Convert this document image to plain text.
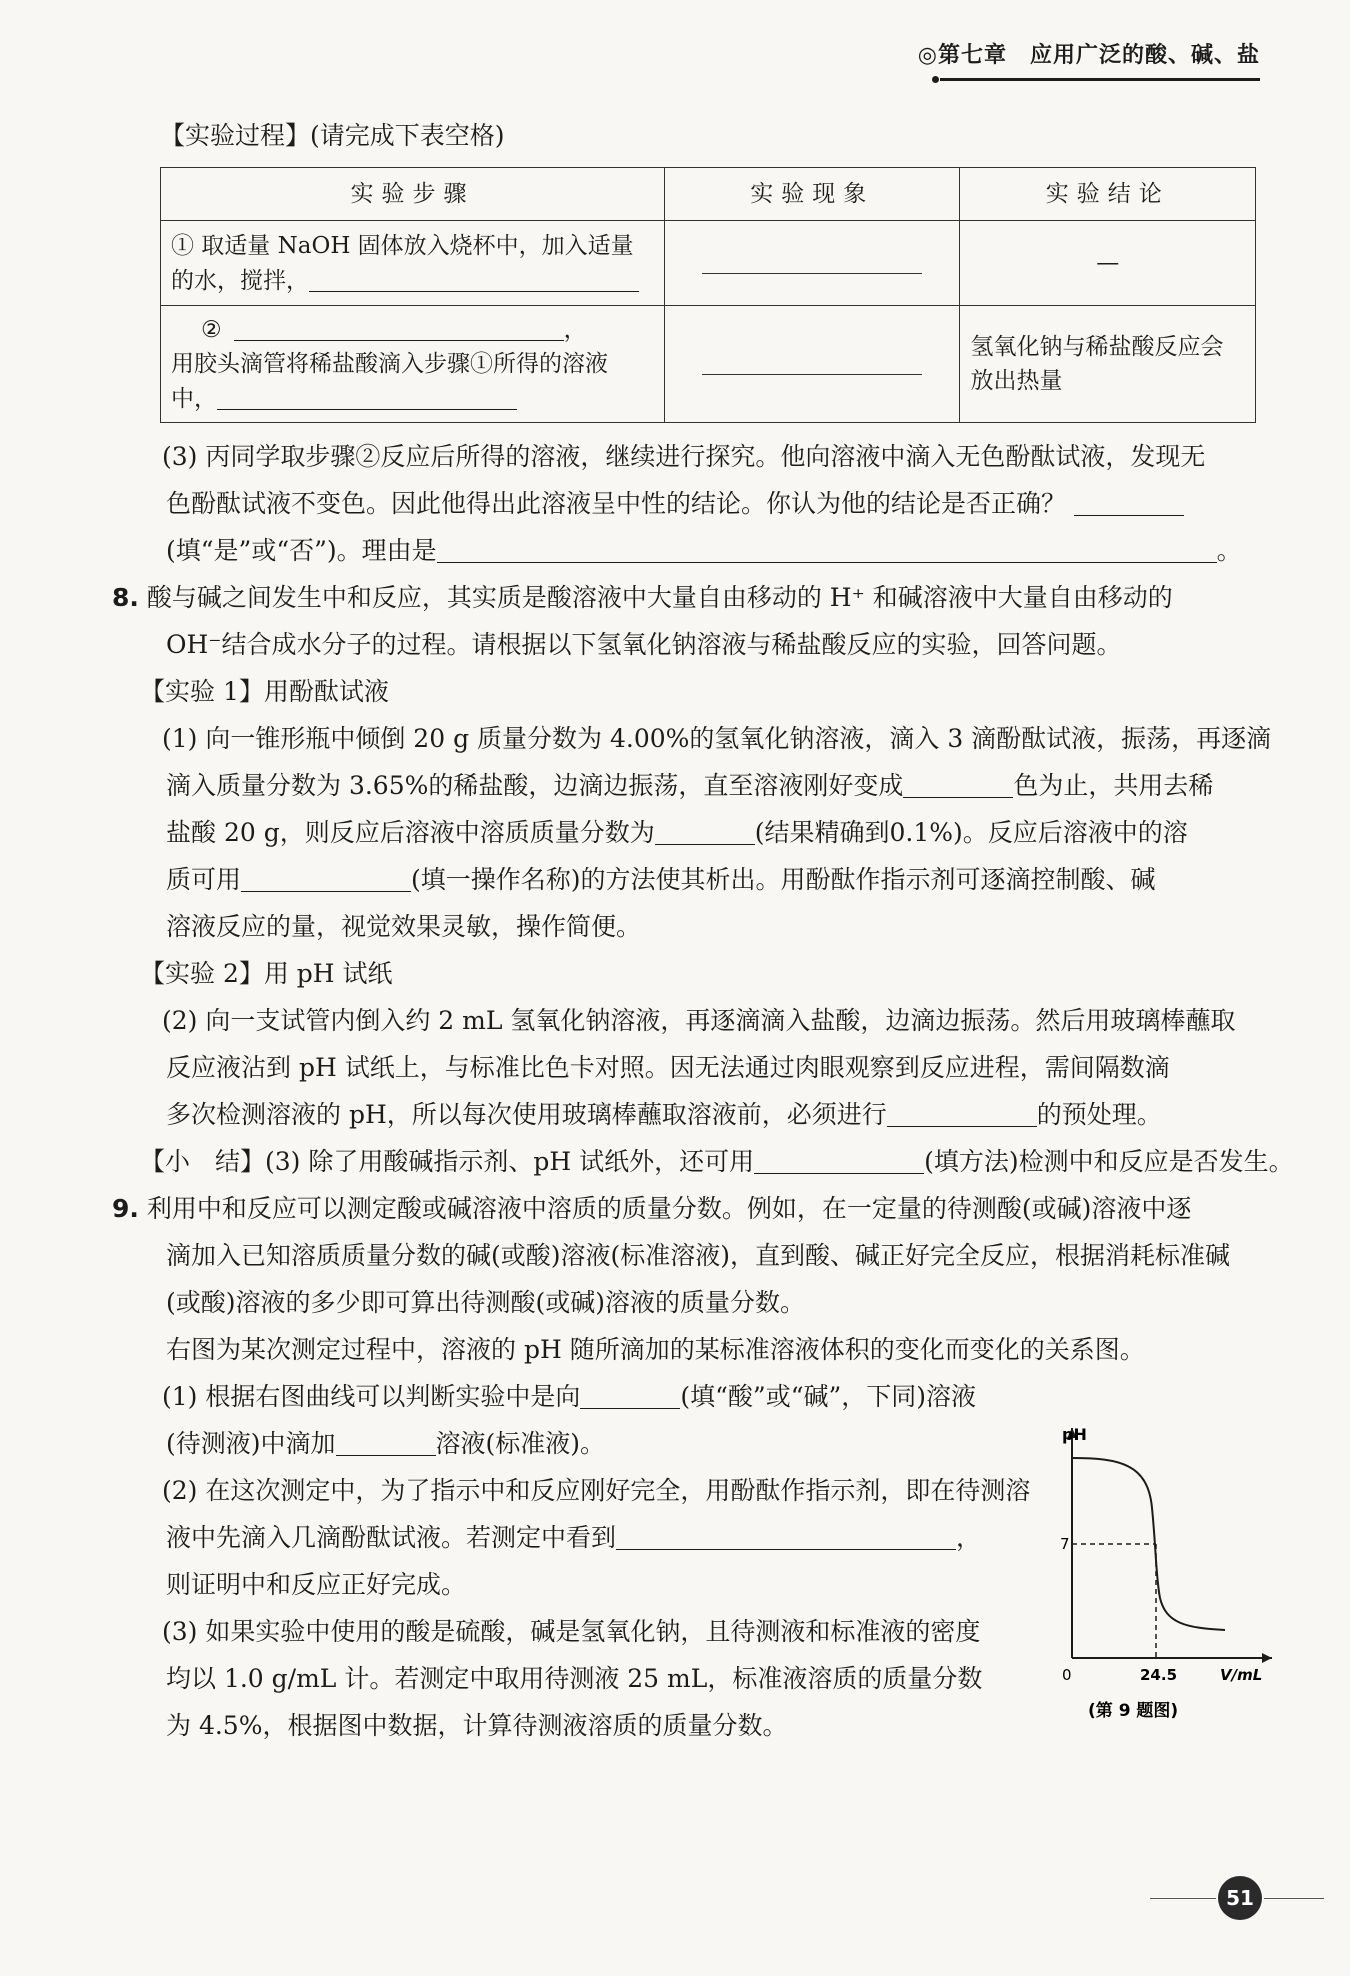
◎第七章　应用广泛的酸、碱、盐
【实验过程】(请完成下表空格)
实验步骤	实验现象	实验结论
① 取适量 NaOH 固体放入烧杯中，加入适量的水，搅拌，		—

② ，
用胶头滴管将稀盐酸滴入步骤①所得的溶液中，		氢氧化钠与稀盐酸反应会放出热量
(3) 丙同学取步骤②反应后所得的溶液，继续进行探究。他向溶液中滴入无色酚酞试液，发现无
色酚酞试液不变色。因此他得出此溶液呈中性的结论。你认为他的结论是否正确？
(填“是”或“否”)。理由是	。
8. 酸与碱之间发生中和反应，其实质是酸溶液中大量自由移动的 H⁺ 和碱溶液中大量自由移动的
OH⁻结合成水分子的过程。请根据以下氢氧化钠溶液与稀盐酸反应的实验，回答问题。
【实验 1】用酚酞试液
(1) 向一锥形瓶中倾倒 20 g 质量分数为 4.00%的氢氧化钠溶液，滴入 3 滴酚酞试液，振荡，再逐滴
滴入质量分数为 3.65%的稀盐酸，边滴边振荡，直至溶液刚好变成	色为止，共用去稀
盐酸 20 g，则反应后溶液中溶质质量分数为	(结果精确到0.1%)。反应后溶液中的溶
质可用	(填一操作名称)的方法使其析出。用酚酞作指示剂可逐滴控制酸、碱
溶液反应的量，视觉效果灵敏，操作简便。
【实验 2】用 pH 试纸
(2) 向一支试管内倒入约 2 mL 氢氧化钠溶液，再逐滴滴入盐酸，边滴边振荡。然后用玻璃棒蘸取
反应液沾到 pH 试纸上，与标准比色卡对照。因无法通过肉眼观察到反应进程，需间隔数滴
多次检测溶液的 pH，所以每次使用玻璃棒蘸取溶液前，必须进行	的预处理。
【小　结】(3) 除了用酸碱指示剂、pH 试纸外，还可用	(填方法)检测中和反应是否发生。
9. 利用中和反应可以测定酸或碱溶液中溶质的质量分数。例如，在一定量的待测酸(或碱)溶液中逐
滴加入已知溶质质量分数的碱(或酸)溶液(标准溶液)，直到酸、碱正好完全反应，根据消耗标准碱
(或酸)溶液的多少即可算出待测酸(或碱)溶液的质量分数。
右图为某次测定过程中，溶液的 pH 随所滴加的某标准溶液体积的变化而变化的关系图。
(1) 根据右图曲线可以判断实验中是向	(填“酸”或“碱”，下同)溶液
(待测液)中滴加	溶液(标准液)。
(2) 在这次测定中，为了指示中和反应刚好完全，用酚酞作指示剂，即在待测溶
液中先滴入几滴酚酞试液。若测定中看到	，
则证明中和反应正好完成。
(3) 如果实验中使用的酸是硫酸，碱是氢氧化钠，且待测液和标准液的密度
均以 1.0 g/mL 计。若测定中取用待测液 25 mL，标准液溶质的质量分数
为 4.5%，根据图中数据，计算待测液溶质的质量分数。
pH
7
0	24.5	V/mL
(第 9 题图)
51
